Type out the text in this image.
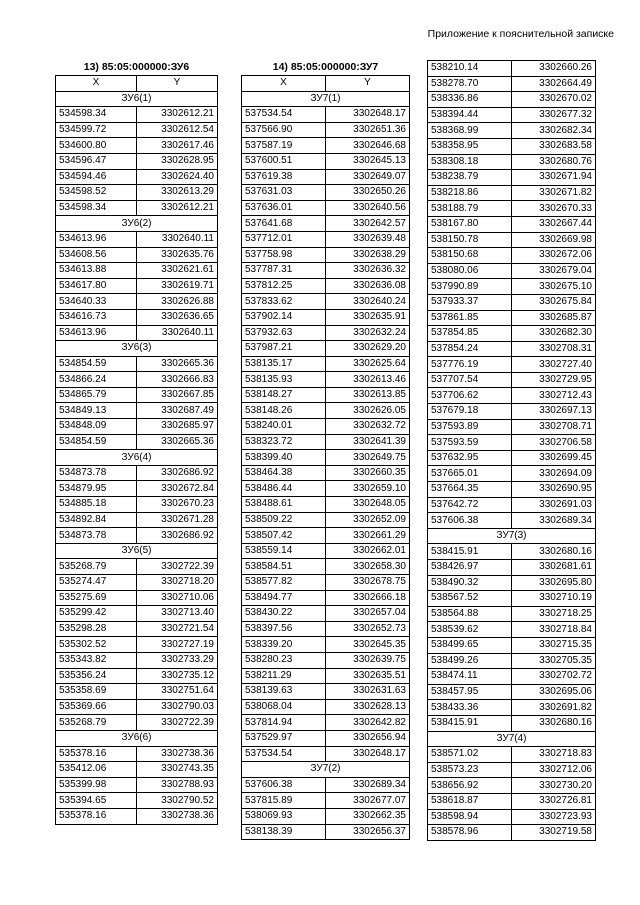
Приложение к пояснительной записке
13) 85:05:000000:ЗУ6
X	Y
ЗУ6(1)	
534598.34	3302612.21
534599.72	3302612.54
534600.80	3302617.46
534596.47	3302628.95
534594.46	3302624.40
534598.52	3302613.29
534598.34	3302612.21
ЗУ6(2)	
534613.96	3302640.11
534608.56	3302635.76
534613.88	3302621.61
534617.80	3302619.71
534640.33	3302626.88
534616.73	3302636.65
534613.96	3302640.11
ЗУ6(3)	
534854.59	3302665.36
534866.24	3302666.83
534865.79	3302667.85
534849.13	3302687.49
534848.09	3302685.97
534854.59	3302665.36
ЗУ6(4)	
534873.78	3302686.92
534879.95	3302672.84
534885.18	3302670.23
534892.84	3302671.28
534873.78	3302686.92
ЗУ6(5)	
535268.79	3302722.39
535274.47	3302718.20
535275.69	3302710.06
535299.42	3302713.40
535298.28	3302721.54
535302.52	3302727.19
535343.82	3302733.29
535356.24	3302735.12
535358.69	3302751.64
535369.66	3302790.03
535268.79	3302722.39
ЗУ6(6)	
535378.16	3302738.36
535412.06	3302743.35
535399.98	3302788.93
535394.65	3302790.52
535378.16	3302738.36
14) 85:05:000000:ЗУ7
X	Y
ЗУ7(1)	
537534.54	3302648.17
537566.90	3302651.36
537587.19	3302646.68
537600.51	3302645.13
537619.38	3302649.07
537631.03	3302650.26
537636.01	3302640.56
537641.68	3302642.57
537712.01	3302639.48
537758.98	3302638.29
537787.31	3302636.32
537812.25	3302636.08
537833.62	3302640.24
537902.14	3302635.91
537932.63	3302632.24
537987.21	3302629.20
538135.17	3302625.64
538135.93	3302613.46
538148.27	3302613.85
538148.26	3302626.05
538240.01	3302632.72
538323.72	3302641.39
538399.40	3302649.75
538464.38	3302660.35
538486.44	3302659.10
538488.61	3302648.05
538509.22	3302652.09
538507.42	3302661.29
538559.14	3302662.01
538584.51	3302658.30
538577.82	3302678.75
538494.77	3302666.18
538430.22	3302657.04
538397.56	3302652.73
538339.20	3302645.35
538280.23	3302639.75
538211.29	3302635.51
538139.63	3302631.63
538068.04	3302628.13
537814.94	3302642.82
537529.97	3302656.94
537534.54	3302648.17
ЗУ7(2)	
537606.38	3302689.34
537815.89	3302677.07
538069.93	3302662.35
538138.39	3302656.37
538210.14	3302660.26
538278.70	3302664.49
538336.86	3302670.02
538394.44	3302677.32
538368.99	3302682.34
538358.95	3302683.58
538308.18	3302680.76
538238.79	3302671.94
538218.86	3302671.82
538188.79	3302670.33
538167.80	3302667.44
538150.78	3302669.98
538150.68	3302672.06
538080.06	3302679.04
537990.89	3302675.10
537933.37	3302675.84
537861.85	3302685.87
537854.85	3302682.30
537854.24	3302708.31
537776.19	3302727.40
537707.54	3302729.95
537706.62	3302712.43
537679.18	3302697.13
537593.89	3302708.71
537593.59	3302706.58
537632.95	3302699.45
537665.01	3302694.09
537664.35	3302690.95
537642.72	3302691.03
537606.38	3302689.34
ЗУ7(3)	
538415.91	3302680.16
538426.97	3302681.61
538490.32	3302695.80
538567.52	3302710.19
538564.88	3302718.25
538539.62	3302718.84
538499.65	3302715.35
538499.26	3302705.35
538474.11	3302702.72
538457.95	3302695.06
538433.36	3302691.82
538415.91	3302680.16
ЗУ7(4)	
538571.02	3302718.83
538573.23	3302712.06
538656.92	3302730.20
538618.87	3302726.81
538598.94	3302723.93
538578.96	3302719.58
